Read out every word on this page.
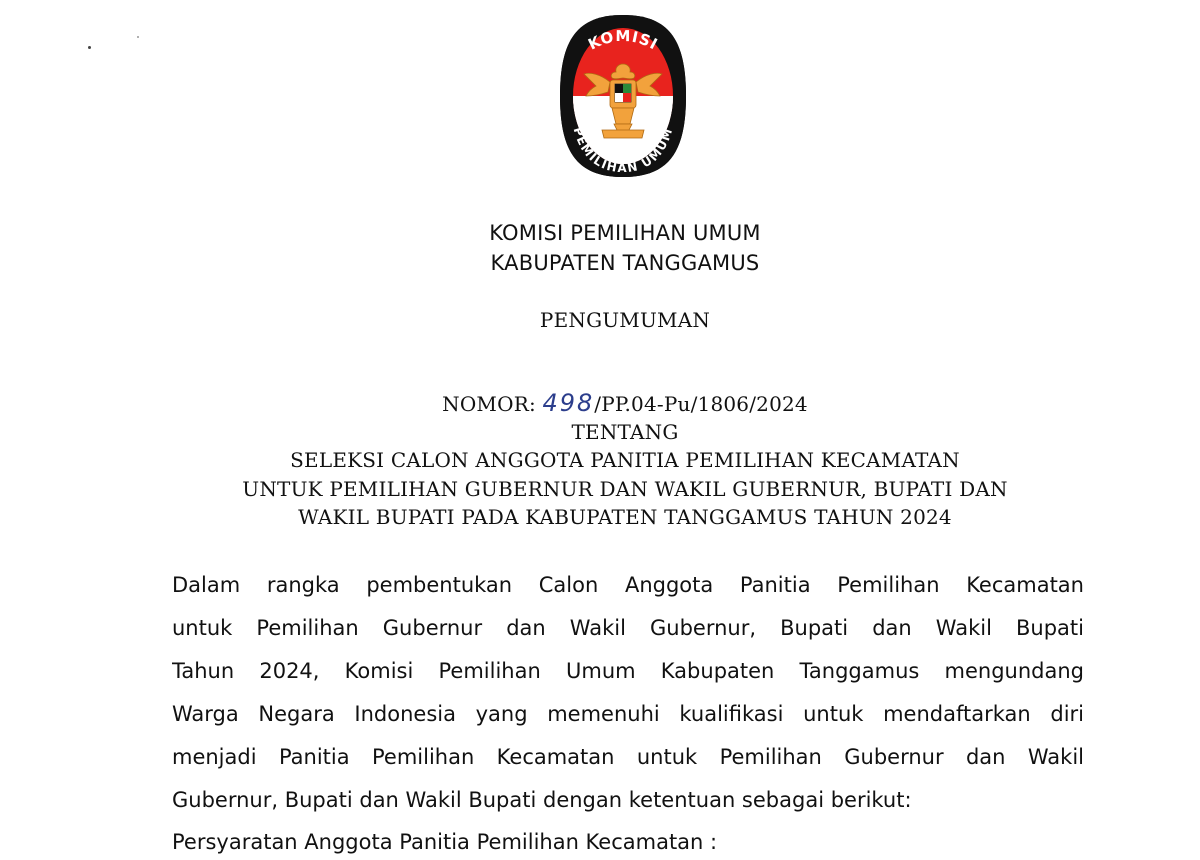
KOMISI
PEMILIHAN UMUM
KOMISI PEMILIHAN UMUM
KABUPATEN TANGGAMUS
PENGUMUMAN
NOMOR: 498/PP.04-Pu/1806/2024
TENTANG
SELEKSI CALON ANGGOTA PANITIA PEMILIHAN KECAMATAN
UNTUK PEMILIHAN GUBERNUR DAN WAKIL GUBERNUR, BUPATI DAN
WAKIL BUPATI PADA KABUPATEN TANGGAMUS TAHUN 2024
Dalam rangka pembentukan Calon Anggota Panitia Pemilihan Kecamatan
untuk Pemilihan Gubernur dan Wakil Gubernur, Bupati dan Wakil Bupati
Tahun 2024, Komisi Pemilihan Umum Kabupaten Tanggamus mengundang
Warga Negara Indonesia yang memenuhi kualifikasi untuk mendaftarkan diri
menjadi Panitia Pemilihan Kecamatan untuk Pemilihan Gubernur dan Wakil
Gubernur, Bupati dan Wakil Bupati dengan ketentuan sebagai berikut:
Persyaratan Anggota Panitia Pemilihan Kecamatan :
